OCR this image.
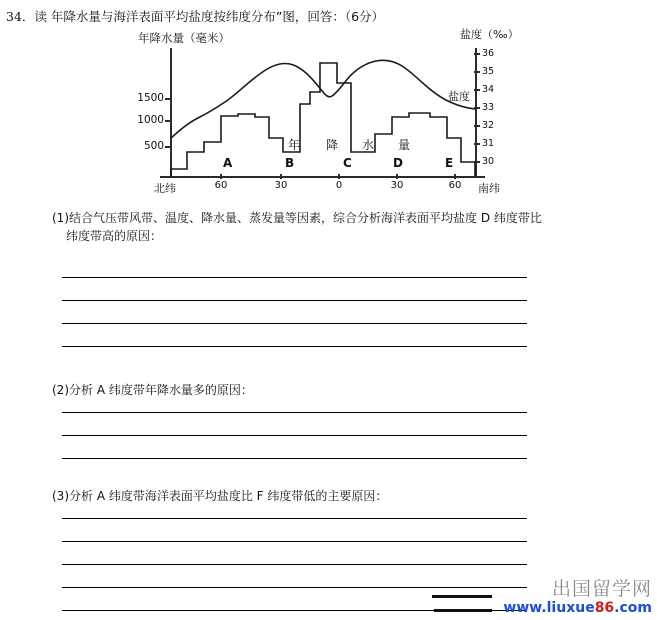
34．读 年降水量与海洋表面平均盐度按纬度分布”图，回答：（6分）
年降水量（毫米）	盐度（‰）
1500
1000
500
36
35
34
33
32
31
30
北纬	60	30	0	30	60	南纬
A	B	C	D	E
年 降 水 量
盐度
(1)结合气压带风带、温度、降水量、蒸发量等因素，综合分析海洋表面平均盐度 D 纬度带比
纬度带高的原因：
(2)分析 A 纬度带年降水量多的原因：
(3)分析 A 纬度带海洋表面平均盐度比 F 纬度带低的主要原因：
出国留学网
www.liuxue86.com
